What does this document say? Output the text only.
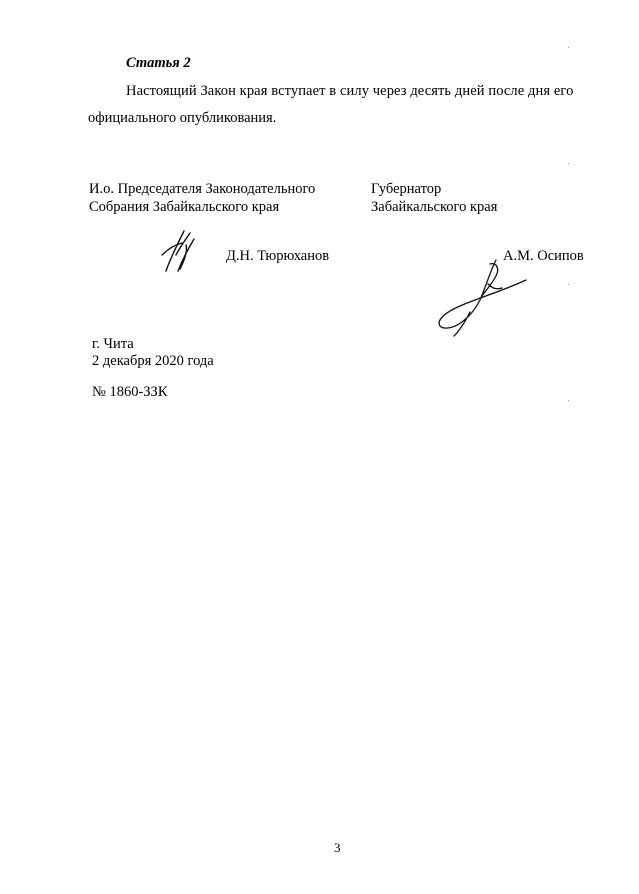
Статья 2
Настоящий Закон края вступает в силу через десять дней после дня его
официального опубликования.
И.о. Председателя Законодательного
Собрания Забайкальского края
Губернатор
Забайкальского края
Д.Н. Тюрюханов	А.М. Осипов
г. Чита
2 декабря 2020 года
№ 1860-ЗЗК
3
